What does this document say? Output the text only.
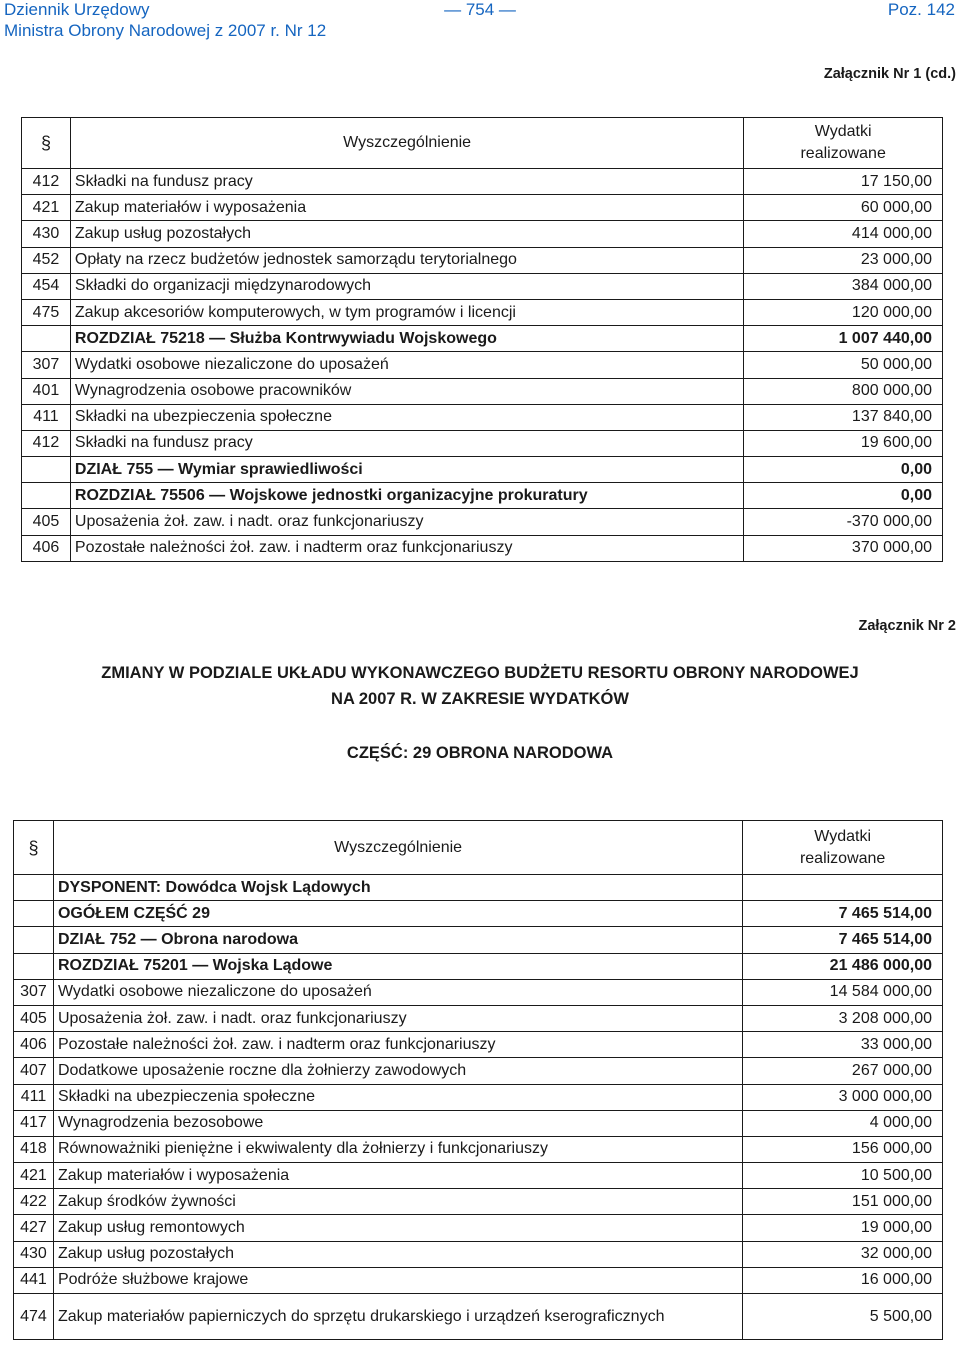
Dziennik Urzędowy
Ministra Obrony Narodowej z 2007 r. Nr 12
— 754 —	Poz. 142
Załącznik Nr 1 (cd.)
§	Wyszczególnienie	Wydatki
realizowane

412	Składki na fundusz pracy	17 150,00
421	Zakup materiałów i wyposażenia	60 000,00
430	Zakup usług pozostałych	414 000,00
452	Opłaty na rzecz budżetów jednostek samorządu terytorialnego	23 000,00
454	Składki do organizacji międzynarodowych	384 000,00
475	Zakup akcesoriów komputerowych, w tym programów i licencji	120 000,00
	ROZDZIAŁ 75218 — Służba Kontrwywiadu Wojskowego	1 007 440,00
307	Wydatki osobowe niezaliczone do uposażeń	50 000,00
401	Wynagrodzenia osobowe pracowników	800 000,00
411	Składki na ubezpieczenia społeczne	137 840,00
412	Składki na fundusz pracy	19 600,00
	DZIAŁ 755 — Wymiar sprawiedliwości	0,00
	ROZDZIAŁ 75506 — Wojskowe jednostki organizacyjne prokuratury	0,00
405	Uposażenia żoł. zaw. i nadt. oraz funkcjonariuszy	-370 000,00
406	Pozostałe należności żoł. zaw. i nadterm oraz funkcjonariuszy	370 000,00
Załącznik Nr 2
ZMIANY W PODZIALE UKŁADU WYKONAWCZEGO BUDŻETU RESORTU OBRONY NARODOWEJ
NA 2007 R. W ZAKRESIE WYDATKÓW
CZĘŚĆ: 29 OBRONA NARODOWA
§	Wyszczególnienie	Wydatki
realizowane

	DYSPONENT: Dowódca Wojsk Lądowych	
	OGÓŁEM CZĘŚĆ 29	7 465 514,00
	DZIAŁ 752 — Obrona narodowa	7 465 514,00
	ROZDZIAŁ 75201 — Wojska Lądowe	21 486 000,00
307	Wydatki osobowe niezaliczone do uposażeń	14 584 000,00
405	Uposażenia żoł. zaw. i nadt. oraz funkcjonariuszy	3 208 000,00
406	Pozostałe należności żoł. zaw. i nadterm oraz funkcjonariuszy	33 000,00
407	Dodatkowe uposażenie roczne dla żołnierzy zawodowych	267 000,00
411	Składki na ubezpieczenia społeczne	3 000 000,00
417	Wynagrodzenia bezosobowe	4 000,00
418	Równoważniki pieniężne i ekwiwalenty dla żołnierzy i funkcjonariuszy	156 000,00
421	Zakup materiałów i wyposażenia	10 500,00
422	Zakup środków żywności	151 000,00
427	Zakup usług remontowych	19 000,00
430	Zakup usług pozostałych	32 000,00
441	Podróże służbowe krajowe	16 000,00
474	Zakup materiałów papierniczych do sprzętu drukarskiego i urządzeń kserograficznych	5 500,00
